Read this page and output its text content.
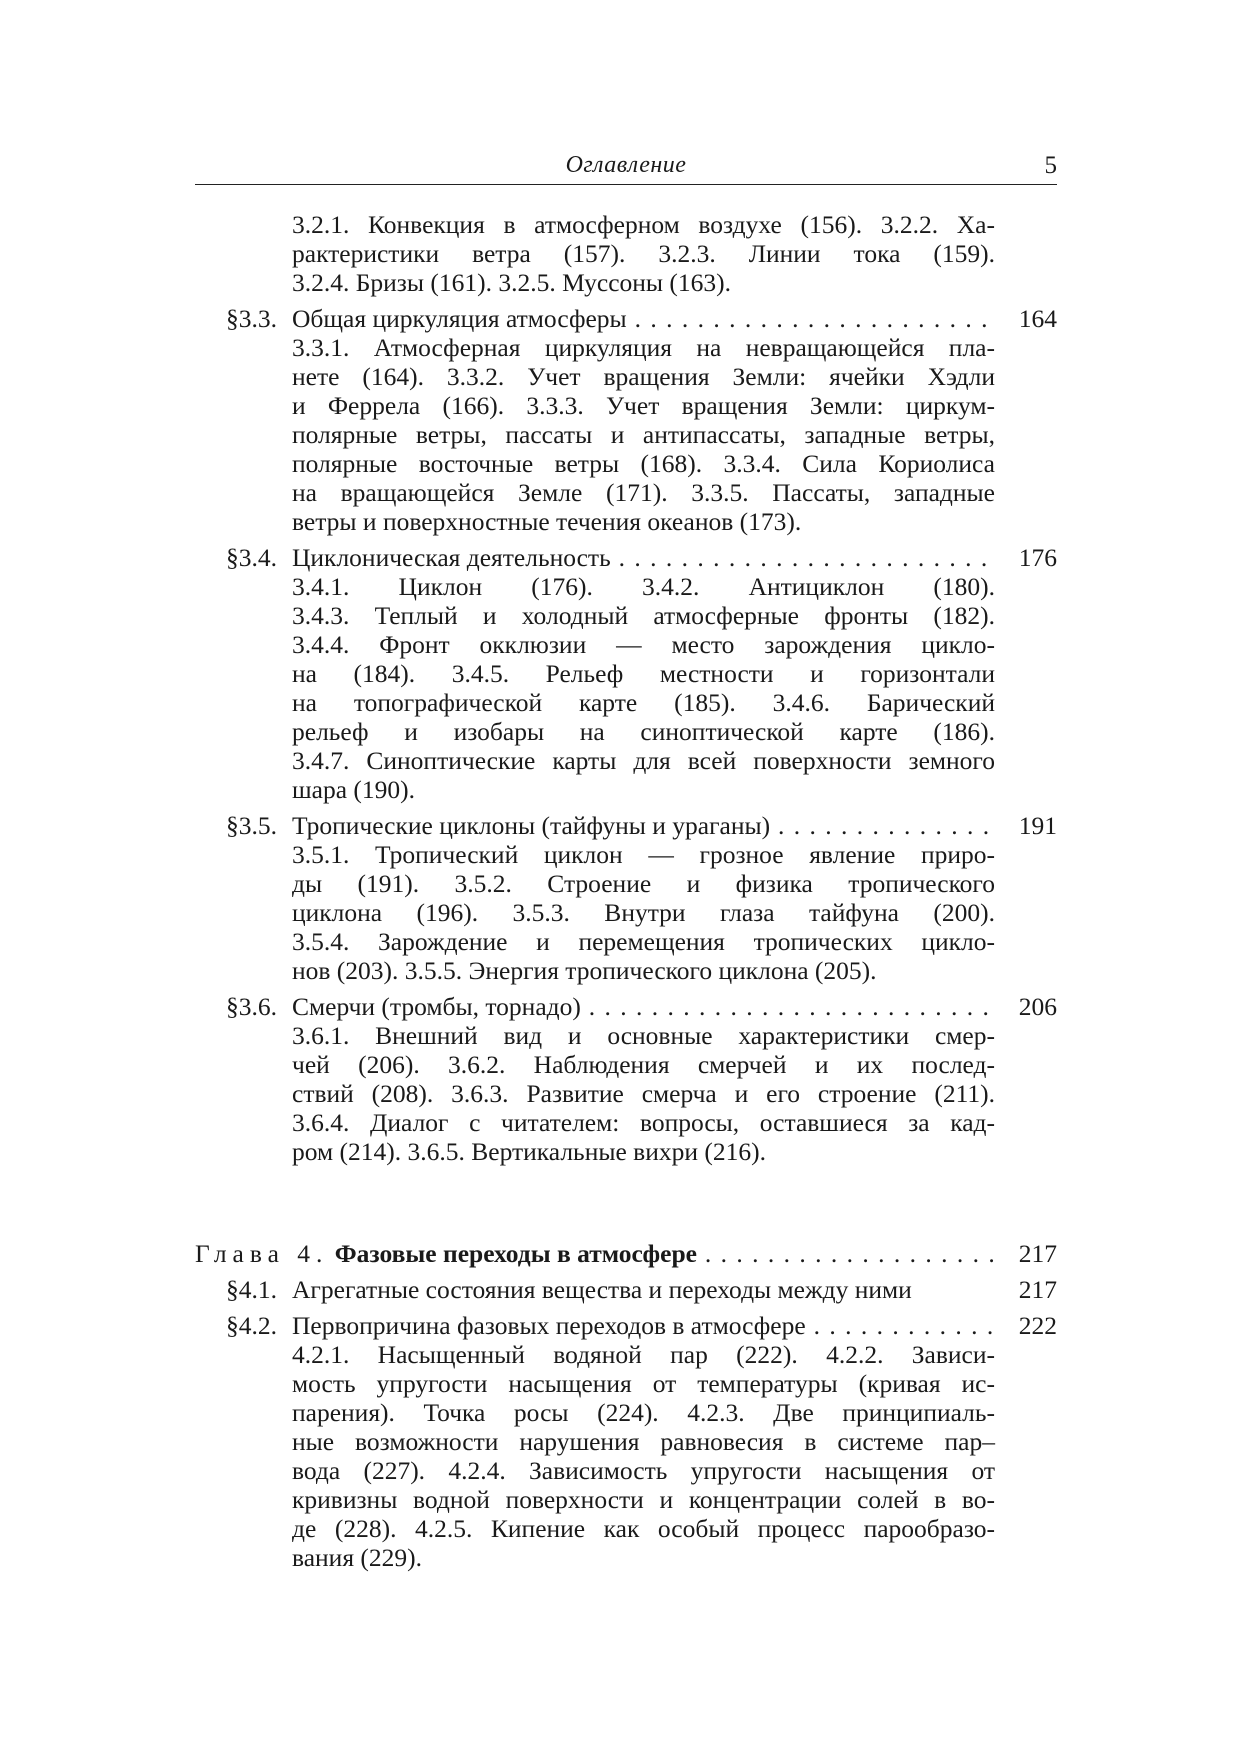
Оглавление	5
3.2.1. Конвекция в атмосферном воздухе (156). 3.2.2. Ха-
рактеристики ветра (157). 3.2.3. Линии тока (159).
3.2.4. Бризы (161). 3.2.5. Муссоны (163).
§3.3. Общая циркуляция атмосферы . . .	164
3.3.1. Атмосферная циркуляция на невращающейся пла-
нете (164). 3.3.2. Учет вращения Земли: ячейки Хэдли
и Феррела (166). 3.3.3. Учет вращения Земли: циркум-
полярные ветры, пассаты и антипассаты, западные ветры,
полярные восточные ветры (168). 3.3.4. Сила Кориолиса
на вращающейся Земле (171). 3.3.5. Пассаты, западные
ветры и поверхностные течения океанов (173).
§3.4. Циклоническая деятельность . . .	176
3.4.1. Циклон (176). 3.4.2. Антициклон (180).
3.4.3. Теплый и холодный атмосферные фронты (182).
3.4.4. Фронт окклюзии — место зарождения цикло-
на (184). 3.4.5. Рельеф местности и горизонтали
на топографической карте (185). 3.4.6. Барический
рельеф и изобары на синоптической карте (186).
3.4.7. Синоптические карты для всей поверхности земного
шара (190).
§3.5. Тропические циклоны (тайфуны и ураганы) . . .	191
3.5.1. Тропический циклон — грозное явление приро-
ды (191). 3.5.2. Строение и физика тропического
циклона (196). 3.5.3. Внутри глаза тайфуна (200).
3.5.4. Зарождение и перемещения тропических цикло-
нов (203). 3.5.5. Энергия тропического циклона (205).
§3.6. Смерчи (тромбы, торнадо) . . .	206
3.6.1. Внешний вид и основные характеристики смер-
чей (206). 3.6.2. Наблюдения смерчей и их послед-
ствий (208). 3.6.3. Развитие смерча и его строение (211).
3.6.4. Диалог с читателем: вопросы, оставшиеся за кад-
ром (214). 3.6.5. Вертикальные вихри (216).
Глава 4. Фазовые переходы в атмосфере . . .	217
§4.1. Агрегатные состояния вещества и переходы между ними	217
§4.2. Первопричина фазовых переходов в атмосфере . . .	222
4.2.1. Насыщенный водяной пар (222). 4.2.2. Зависи-
мость упругости насыщения от температуры (кривая ис-
парения). Точка росы (224). 4.2.3. Две принципиаль-
ные возможности нарушения равновесия в системе пар–
вода (227). 4.2.4. Зависимость упругости насыщения от
кривизны водной поверхности и концентрации солей в во-
де (228). 4.2.5. Кипение как особый процесс парообразо-
вания (229).
